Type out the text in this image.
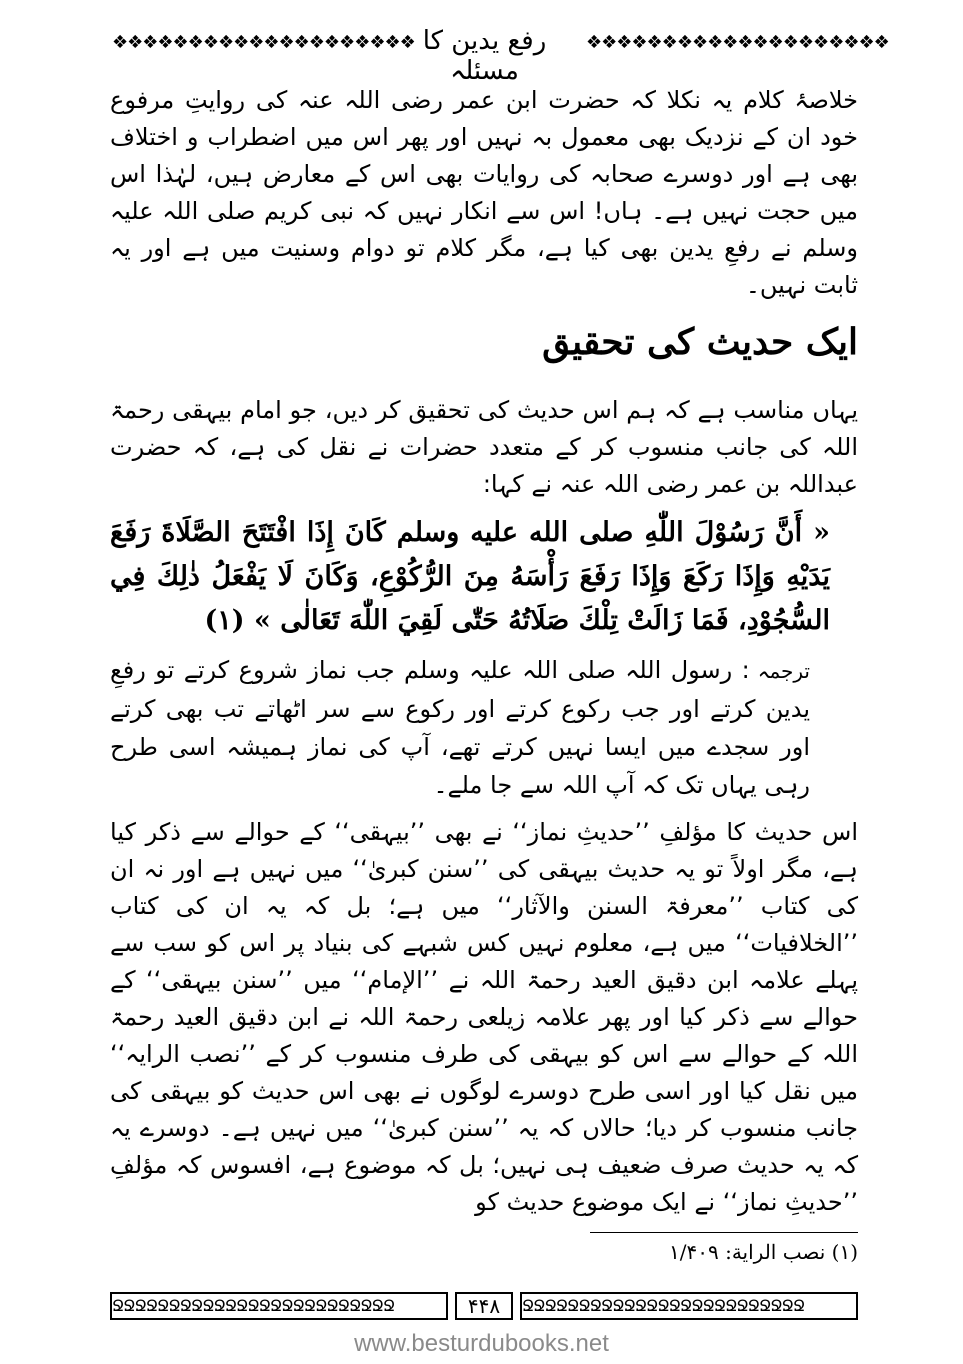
❖❖❖❖❖❖❖❖❖❖❖❖❖❖❖❖❖❖❖❖ رفع یدین کا مسئلہ
❖❖❖❖❖❖❖❖❖❖❖❖❖❖❖❖❖❖❖❖

خلاصۂ کلام یہ نکلا کہ حضرت ابن عمر رضی اللہ عنہ کی روایتِ مرفوع خود ان کے نزدیک بھی معمول بہ نہیں اور پھر اس میں اضطراب و اختلاف بھی ہے اور دوسرے صحابہ کی روایات بھی اس کے معارض ہیں، لہٰذا اس میں حجت نہیں ہے۔ ہاں! اس سے انکار نہیں کہ نبی کریم صلی اللہ علیہ وسلم نے رفعِ یدین بھی کیا ہے، مگر کلام تو دوام وسنیت میں ہے اور یہ ثابت نہیں۔

ایک حدیث کی تحقیق

یہاں مناسب ہے کہ ہم اس حدیث کی تحقیق کر دیں، جو امام بیہقی رحمۃ اللہ کی جانب منسوب کر کے متعدد حضرات نے نقل کی ہے، کہ حضرت عبداللہ بن عمر رضی اللہ عنہ نے کہا:

« أَنَّ رَسُوْلَ اللّٰهِ صلى الله عليه وسلم كَانَ إِذَا افْتَتَحَ الصَّلَاةَ رَفَعَ يَدَيْهِ وَإِذَا رَكَعَ وَإِذَا رَفَعَ رَأْسَهُ مِنَ الرُّكُوْعِ، وَكَانَ لَا يَفْعَلُ ذٰلِكَ فِي السُّجُوْدِ، فَمَا زَالَتْ تِلْكَ صَلَاتُهُ حَتّٰى لَقِيَ اللّٰهَ تَعَالٰى » (۱)
ترجمہ: رسول اللہ صلی اللہ علیہ وسلم جب نماز شروع کرتے تو رفعِ یدین کرتے اور جب رکوع کرتے اور رکوع سے سر اٹھاتے تب بھی کرتے اور سجدے میں ایسا نہیں کرتے تھے، آپ کی نماز ہمیشہ اسی طرح رہی یہاں تک کہ آپ اللہ سے جا ملے۔

اس حدیث کا مؤلفِ ’’حدیثِ نماز‘‘ نے بھی ’’بیہقی‘‘ کے حوالے سے ذکر کیا ہے، مگر اولاً تو یہ حدیث بیہقی کی ’’سنن کبریٰ‘‘ میں نہیں ہے اور نہ ان کی کتاب ’’معرفۃ السنن والآثار‘‘ میں ہے؛ بل کہ یہ ان کی کتاب ’’الخلافیات‘‘ میں ہے، معلوم نہیں کس شبہے کی بنیاد پر اس کو سب سے پہلے علامہ ابن دقیق العید رحمۃ اللہ نے ’’الإمام‘‘ میں ’’سنن بیہقی‘‘ کے حوالے سے ذکر کیا اور پھر علامہ زیلعی رحمۃ اللہ نے ابن دقیق العید رحمۃ اللہ کے حوالے سے اس کو بیہقی کی طرف منسوب کر کے ’’نصب الرایہ‘‘ میں نقل کیا اور اسی طرح دوسرے لوگوں نے بھی اس حدیث کو بیہقی کی جانب منسوب کر دیا؛ حالاں کہ یہ ’’سنن کبریٰ‘‘ میں نہیں ہے۔ دوسرے یہ کہ یہ حدیث صرف ضعیف ہی نہیں؛ بل کہ موضوع ہے، افسوس کہ مؤلفِ ’’حدیثِ نماز‘‘ نے ایک موضوع حدیث کو

(۱) نصب الراية: ۱/۴۰۹
ՋՋՋՋՋՋՋՋՋՋՋՋՋՋՋՋՋՋՋՋՋՋՋՋՋ	۴۴۸	ՋՋՋՋՋՋՋՋՋՋՋՋՋՋՋՋՋՋՋՋՋՋՋՋՋ
www.besturdubooks.net
